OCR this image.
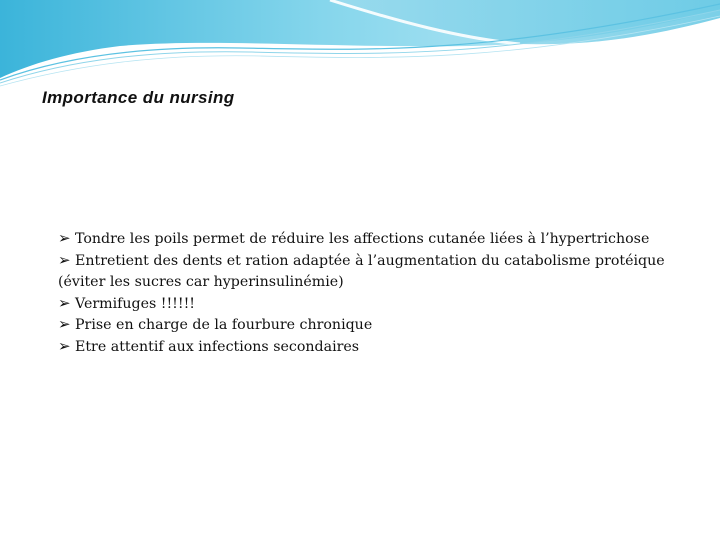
Importance du nursing
➢ Tondre les poils permet de réduire les affections cutanée liées à l’hypertrichose
➢ Entretient des dents et ration adaptée à l’augmentation du catabolisme protéique (éviter les sucres car hyperinsulinémie)
➢ Vermifuges !!!!!!
➢ Prise en charge de la fourbure chronique
➢ Etre attentif aux infections secondaires
